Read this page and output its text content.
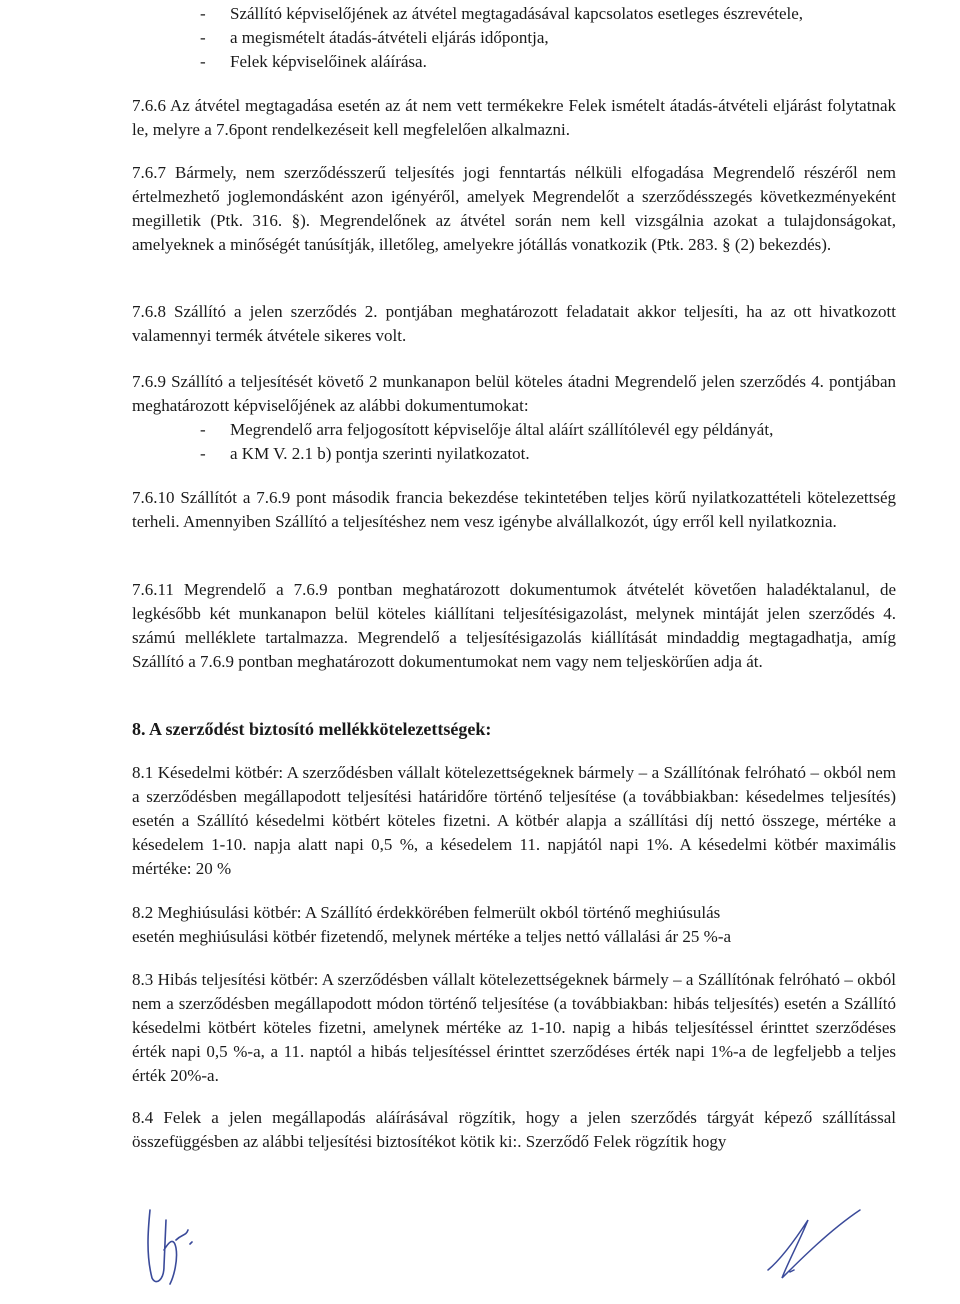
- Szállító képviselőjének az átvétel megtagadásával kapcsolatos esetleges észrevétele,
- a megismételt átadás-átvételi eljárás időpontja,
- Felek képviselőinek aláírása.

7.6.6 Az átvétel megtagadása esetén az át nem vett termékekre Felek ismételt átadás-átvételi eljárást folytatnak le, melyre a 7.6pont rendelkezéseit kell megfelelően alkalmazni.

7.6.7 Bármely, nem szerződésszerű teljesítés jogi fenntartás nélküli elfogadása Megrendelő részéről nem értelmezhető joglemondásként azon igényéről, amelyek Megrendelőt a szerződésszegés következményeként megilletik (Ptk. 316. §). Megrendelőnek az átvétel során nem kell vizsgálnia azokat a tulajdonságokat, amelyeknek a minőségét tanúsítják, illetőleg, amelyekre jótállás vonatkozik (Ptk. 283. § (2) bekezdés).

7.6.8 Szállító a jelen szerződés 2. pontjában meghatározott feladatait akkor teljesíti, ha az ott hivatkozott valamennyi termék átvétele sikeres volt.

7.6.9 Szállító a teljesítését követő 2 munkanapon belül köteles átadni Megrendelő jelen szerződés 4. pontjában meghatározott képviselőjének az alábbi dokumentumokat:

- Megrendelő arra feljogosított képviselője által aláírt szállítólevél egy példányát,
- a KM V. 2.1 b) pontja szerinti nyilatkozatot.

7.6.10 Szállítót a 7.6.9 pont második francia bekezdése tekintetében teljes körű nyilatkozattételi kötelezettség terheli. Amennyiben Szállító a teljesítéshez nem vesz igénybe alvállalkozót, úgy erről kell nyilatkoznia.

7.6.11 Megrendelő a 7.6.9 pontban meghatározott dokumentumok átvételét követően haladéktalanul, de legkésőbb két munkanapon belül köteles kiállítani teljesítésigazolást, melynek mintáját jelen szerződés 4. számú melléklete tartalmazza. Megrendelő a teljesítésigazolás kiállítását mindaddig megtagadhatja, amíg Szállító a 7.6.9 pontban meghatározott dokumentumokat nem vagy nem teljeskörűen adja át.

8. A szerződést biztosító mellékkötelezettségek:

8.1 Késedelmi kötbér: A szerződésben vállalt kötelezettségeknek bármely – a Szállítónak felróható – okból nem a szerződésben megállapodott teljesítési határidőre történő teljesítése (a továbbiakban: késedelmes teljesítés) esetén a Szállító késedelmi kötbért köteles fizetni. A kötbér alapja a szállítási díj nettó összege, mértéke a késedelem 1-10. napja alatt napi 0,5 %, a késedelem 11. napjától napi 1%. A késedelmi kötbér maximális mértéke: 20 %

8.2 Meghiúsulási kötbér: A Szállító érdekkörében felmerült okból történő meghiúsulás
esetén meghiúsulási kötbér fizetendő, melynek mértéke a teljes nettó vállalási ár 25 %-a

8.3 Hibás teljesítési kötbér: A szerződésben vállalt kötelezettségeknek bármely – a Szállítónak felróható – okból nem a szerződésben megállapodott módon történő teljesítése (a továbbiakban: hibás teljesítés) esetén a Szállító késedelmi kötbért köteles fizetni, amelynek mértéke az 1-10. napig a hibás teljesítéssel érinttet szerződéses érték napi 0,5 %-a, a 11. naptól a hibás teljesítéssel érinttet szerződéses érték napi 1%-a de legfeljebb a teljes érték 20%-a.

8.4 Felek a jelen megállapodás aláírásával rögzítik, hogy a jelen szerződés tárgyát képező szállítással összefüggésben az alábbi teljesítési biztosítékot kötik ki:. Szerződő Felek rögzítik hogy
